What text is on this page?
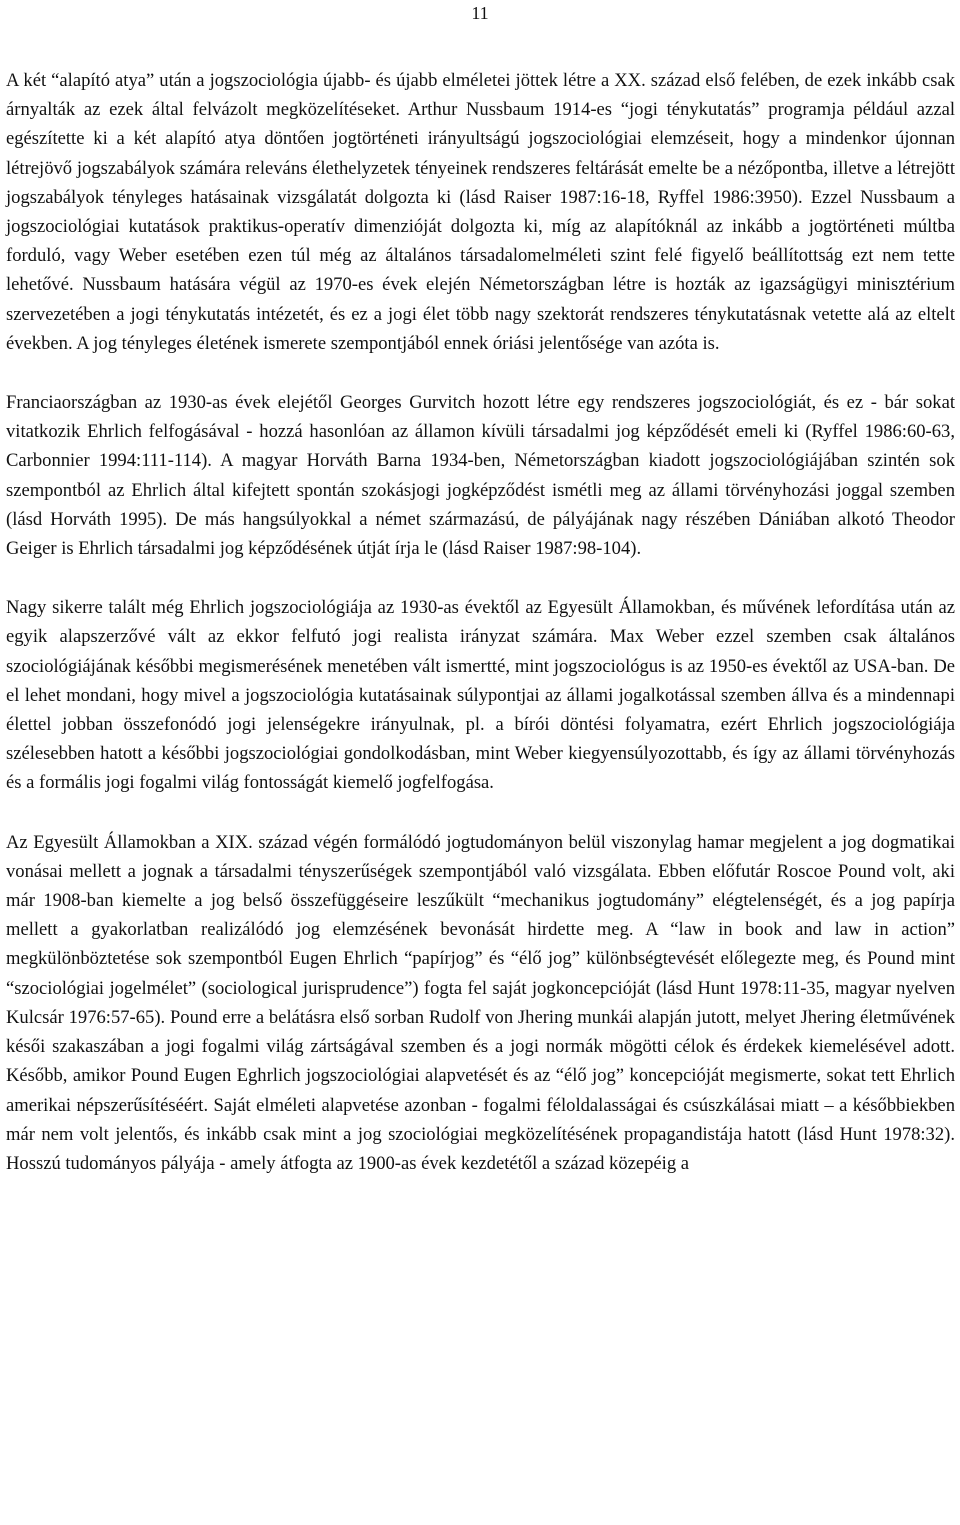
11

A két “alapító atya” után a jogszociológia újabb- és újabb elméletei jöttek létre a XX. század első felében, de ezek inkább csak árnyalták az ezek által felvázolt megközelítéseket. Arthur Nussbaum 1914-es “jogi ténykutatás” programja például azzal egészítette ki a két alapító atya döntően jogtörténeti irányultságú jogszociológiai elemzéseit, hogy a mindenkor újonnan létrejövő jogszabályok számára releváns élethelyzetek tényeinek rendszeres feltárását emelte be a nézőpontba, illetve a létrejött jogszabályok tényleges hatásainak vizsgálatát dolgozta ki (lásd Raiser 1987:16-18, Ryffel 1986:3950). Ezzel Nussbaum a jogszociológiai kutatások praktikus-operatív dimenzióját dolgozta ki, míg az alapítóknál az inkább a jogtörténeti múltba forduló, vagy Weber esetében ezen túl még az általános társadalomelméleti szint felé figyelő beállítottság ezt nem tette lehetővé. Nussbaum hatására végül az 1970-es évek elején Németországban létre is hozták az igazságügyi minisztérium szervezetében a jogi ténykutatás intézetét, és ez a jogi élet több nagy szektorát rendszeres ténykutatásnak vetette alá az eltelt években. A jog tényleges életének ismerete szempontjából ennek óriási jelentősége van azóta is.

Franciaországban az 1930-as évek elejétől Georges Gurvitch hozott létre egy rendszeres jogszociológiát, és ez - bár sokat vitatkozik Ehrlich felfogásával - hozzá hasonlóan az államon kívüli társadalmi jog képződését emeli ki (Ryffel 1986:60-63, Carbonnier 1994:111-114). A magyar Horváth Barna 1934-ben, Németországban kiadott jogszociológiájában szintén sok szempontból az Ehrlich által kifejtett spontán szokásjogi jogképződést ismétli meg az állami törvényhozási joggal szemben (lásd Horváth 1995). De más hangsúlyokkal a német származású, de pályájának nagy részében Dániában alkotó Theodor Geiger is Ehrlich társadalmi jog képződésének útját írja le (lásd Raiser 1987:98-104).

Nagy sikerre talált még Ehrlich jogszociológiája az 1930-as évektől az Egyesült Államokban, és művének lefordítása után az egyik alapszerzővé vált az ekkor felfutó jogi realista irányzat számára. Max Weber ezzel szemben csak általános szociológiájának későbbi megismerésének menetében vált ismertté, mint jogszociológus is az 1950-es évektől az USA-ban. De el lehet mondani, hogy mivel a jogszociológia kutatásainak súlypontjai az állami jogalkotással szemben állva és a mindennapi élettel jobban összefonódó jogi jelenségekre irányulnak, pl. a bírói döntési folyamatra, ezért Ehrlich jogszociológiája szélesebben hatott a későbbi jogszociológiai gondolkodásban, mint Weber kiegyensúlyozottabb, és így az állami törvényhozás és a formális jogi fogalmi világ fontosságát kiemelő jogfelfogása.

Az Egyesült Államokban a XIX. század végén formálódó jogtudományon belül viszonylag hamar megjelent a jog dogmatikai vonásai mellett a jognak a társadalmi tényszerűségek szempontjából való vizsgálata. Ebben előfutár Roscoe Pound volt, aki már 1908-ban kiemelte a jog belső összefüggéseire leszűkült “mechanikus jogtudomány” elégtelenségét, és a jog papírja mellett a gyakorlatban realizálódó jog elemzésének bevonását hirdette meg. A “law in book and law in action” megkülönböztetése sok szempontból Eugen Ehrlich “papírjog” és “élő jog” különbségtevését előlegezte meg, és Pound mint “szociológiai jogelmélet” (sociological jurisprudence”) fogta fel saját jogkoncepcióját (lásd Hunt 1978:11-35, magyar nyelven Kulcsár 1976:57-65). Pound erre a belátásra első sorban Rudolf von Jhering munkái alapján jutott, melyet Jhering életművének késői szakaszában a jogi fogalmi világ zártságával szemben és a jogi normák mögötti célok és érdekek kiemelésével adott. Később, amikor Pound Eugen Eghrlich jogszociológiai alapvetését és az “élő jog” koncepcióját megismerte, sokat tett Ehrlich amerikai népszerűsítéséért. Saját elméleti alapvetése azonban - fogalmi féloldalasságai és csúszkálásai miatt – a későbbiekben már nem volt jelentős, és inkább csak mint a jog szociológiai megközelítésének propagandistája hatott (lásd Hunt 1978:32). Hosszú tudományos pályája - amely átfogta az 1900-as évek kezdetétől a század közepéig a
